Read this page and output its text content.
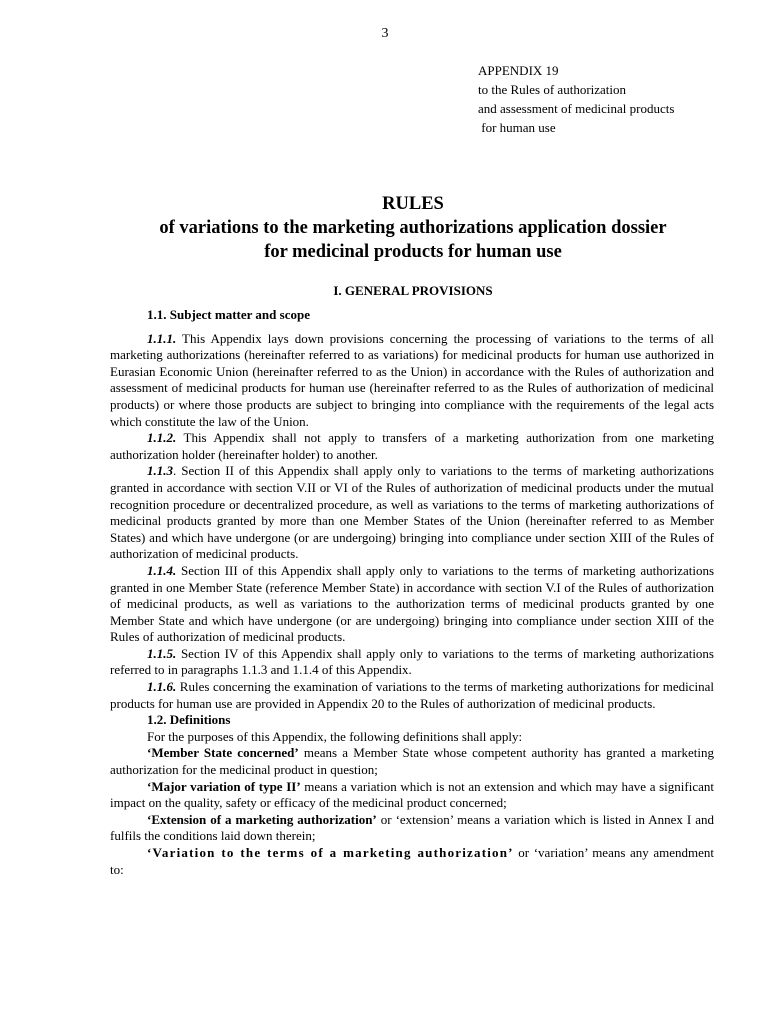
3
APPENDIX 19
to the Rules of authorization
and assessment of medicinal products
for human use
RULES
of variations to the marketing authorizations application dossier
for medicinal products for human use
I. GENERAL PROVISIONS

1.1. Subject matter and scope

1.1.1. This Appendix lays down provisions concerning the processing of variations to the terms of all marketing authorizations (hereinafter referred to as variations) for medicinal products for human use authorized in Eurasian Economic Union (hereinafter referred to as the Union) in accordance with the Rules of authorization and assessment of medicinal products for human use (hereinafter referred to as the Rules of authorization of medicinal products) or where those products are subject to bringing into compliance with the requirements of the legal acts which constitute the law of the Union.

1.1.2. This Appendix shall not apply to transfers of a marketing authorization from one marketing authorization holder (hereinafter holder) to another.

1.1.3. Section II of this Appendix shall apply only to variations to the terms of marketing authorizations granted in accordance with section V.II or VI of the Rules of authorization of medicinal products under the mutual recognition procedure or decentralized procedure, as well as variations to the terms of marketing authorizations of medicinal products granted by more than one Member States of the Union (hereinafter referred to as Member States) and which have undergone (or are undergoing) bringing into compliance under section XIII of the Rules of authorization of medicinal products.

1.1.4. Section III of this Appendix shall apply only to variations to the terms of marketing authorizations granted in one Member State (reference Member State) in accordance with section V.I of the Rules of authorization of medicinal products, as well as variations to the authorization terms of medicinal products granted by one Member State and which have undergone (or are undergoing) bringing into compliance under section XIII of the Rules of authorization of medicinal products.

1.1.5. Section IV of this Appendix shall apply only to variations to the terms of marketing authorizations referred to in paragraphs 1.1.3 and 1.1.4 of this Appendix.

1.1.6. Rules concerning the examination of variations to the terms of marketing authorizations for medicinal products for human use are provided in Appendix 20 to the Rules of authorization of medicinal products.

1.2. Definitions

For the purposes of this Appendix, the following definitions shall apply:

‘Member State concerned’ means a Member State whose competent authority has granted a marketing authorization for the medicinal product in question;

‘Major variation of type II’ means a variation which is not an extension and which may have a significant impact on the quality, safety or efficacy of the medicinal product concerned;

‘Extension of a marketing authorization’ or ‘extension’ means a variation which is listed in Annex I and fulfils the conditions laid down therein;

‘Variation to the terms of a marketing authorization’ or ‘variation’ means any amendment to:
